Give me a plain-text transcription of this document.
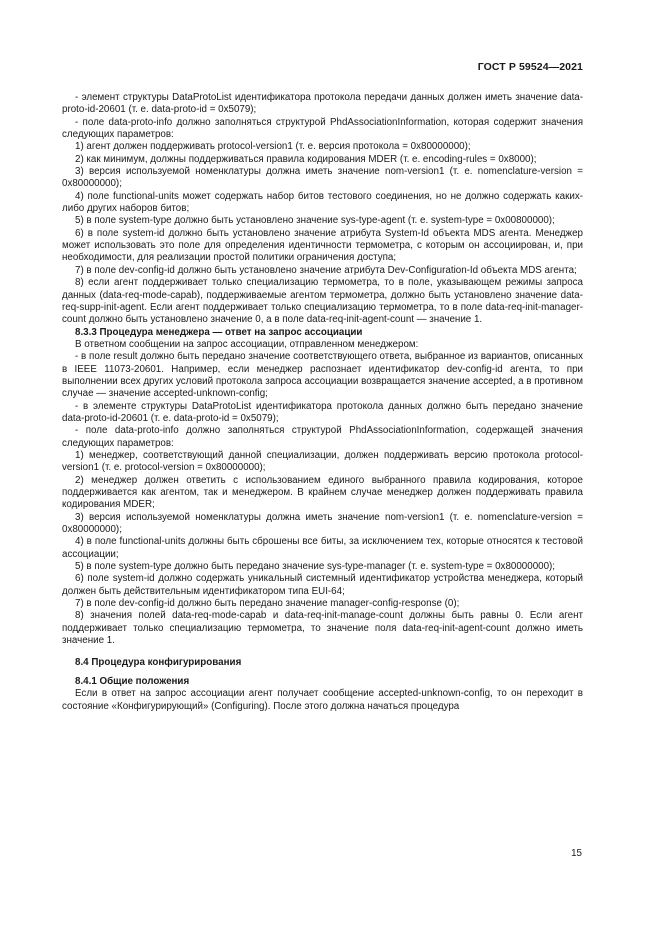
ГОСТ Р 59524—2021

- элемент структуры DataProtoList идентификатора протокола передачи данных должен иметь значение data-proto-id-20601 (т. е. data-proto-id = 0x5079);

- поле data-proto-info должно заполняться структурой PhdAssociationInformation, которая содержит значения следующих параметров:

1) агент должен поддерживать protocol-version1 (т. е. версия протокола = 0x80000000);

2) как минимум, должны поддерживаться правила кодирования MDER (т. е. encoding-rules = 0x8000);

3) версия используемой номенклатуры должна иметь значение nom-version1 (т. е. nomenclature-version = 0x80000000);

4) поле functional-units может содержать набор битов тестового соединения, но не должно содержать каких-либо других наборов битов;

5) в поле system-type должно быть установлено значение sys-type-agent (т. е. system-type = 0x00800000);

6) в поле system-id должно быть установлено значение атрибута System-Id объекта MDS агента. Менеджер может использовать это поле для определения идентичности термометра, с которым он ассоциирован, и, при необходимости, для реализации простой политики ограничения доступа;

7) в поле dev-config-id должно быть установлено значение атрибута Dev-Configuration-Id объекта MDS агента;

8) если агент поддерживает только специализацию термометра, то в поле, указывающем режимы запроса данных (data-req-mode-capab), поддерживаемые агентом термометра, должно быть установлено значение data-req-supp-init-agent. Если агент поддерживает только специализацию термометра, то в поле data-req-init-manager-count должно быть установлено значение 0, а в поле data-req-init-agent-count — значение 1.

8.3.3 Процедура менеджера — ответ на запрос ассоциации

В ответном сообщении на запрос ассоциации, отправленном менеджером:

- в поле result должно быть передано значение соответствующего ответа, выбранное из вариантов, описанных в IEEE 11073-20601. Например, если менеджер распознает идентификатор dev-config-id агента, то при выполнении всех других условий протокола запроса ассоциации возвращается значение accepted, а в противном случае — значение accepted-unknown-config;

- в элементе структуры DataProtoList идентификатора протокола данных должно быть передано значение data-proto-id-20601 (т. е. data-proto-id = 0x5079);

- поле data-proto-info должно заполняться структурой PhdAssociationInformation, содержащей значения следующих параметров:

1) менеджер, соответствующий данной специализации, должен поддерживать версию протокола protocol-version1 (т. е. protocol-version = 0x80000000);

2) менеджер должен ответить с использованием единого выбранного правила кодирования, которое поддерживается как агентом, так и менеджером. В крайнем случае менеджер должен поддерживать правила кодирования MDER;

3) версия используемой номенклатуры должна иметь значение nom-version1 (т. е. nomenclature-version = 0x80000000);

4) в поле functional-units должны быть сброшены все биты, за исключением тех, которые относятся к тестовой ассоциации;

5) в поле system-type должно быть передано значение sys-type-manager (т. е. system-type = 0x80000000);

6) поле system-id должно содержать уникальный системный идентификатор устройства менеджера, который должен быть действительным идентификатором типа EUI-64;

7) в поле dev-config-id должно быть передано значение manager-config-response (0);

8) значения полей data-req-mode-capab и data-req-init-manage-count должны быть равны 0. Если агент поддерживает только специализацию термометра, то значение поля data-req-init-agent-count должно иметь значение 1.

8.4 Процедура конфигурирования
8.4.1 Общие положения

Если в ответ на запрос ассоциации агент получает сообщение accepted-unknown-config, то он переходит в состояние «Конфигурирующий» (Configuring). После этого должна начаться процедура

15
